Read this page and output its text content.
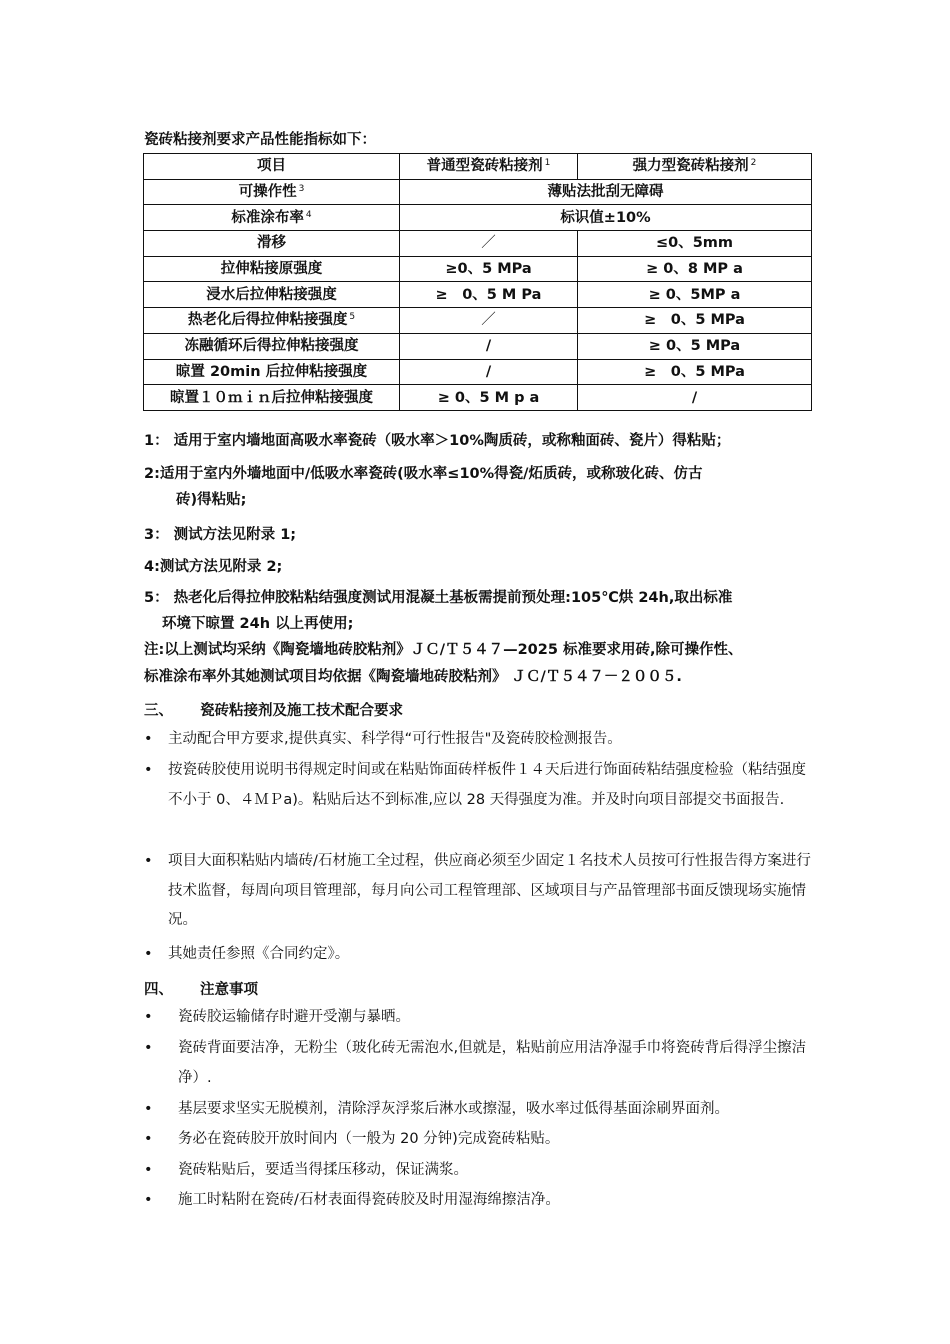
瓷砖粘接剂要求产品性能指标如下：
项目	普通型瓷砖粘接剂 $^1$	强力型瓷砖粘接剂 $^2$
可操作性 $^3$	薄贴法批刮无障碍	
标准涂布率 $^4$	标识值±10%	
滑移	／	≤0、5mm
拉伸粘接原强度	≥0、5 MPa	≥ 0、8 MP a
浸水后拉伸粘接强度	≥　0、5 M Pa	≥ 0、5MP a
热老化后得拉伸粘接强度 $^5$	／	≥　0、5 MPa
冻融循环后得拉伸粘接强度	/	≥ 0、5 MPa
晾置 20min 后拉伸粘接强度	/	≥　0、5 MPa
晾置１０ｍｉｎ后拉伸粘接强度	≥ 0、5 M p a	/
1： 适用于室内墙地面高吸水率瓷砖（吸水率＞10%陶质砖，或称釉面砖、瓷片）得粘贴；
2:适用于室内外墙地面中/低吸水率瓷砖(吸水率≤10%得瓷/炻质砖，或称玻化砖、仿古
砖)得粘贴;
3： 测试方法见附录 1;
4:测试方法见附录 2;
5： 热老化后得拉伸胶粘粘结强度测试用混凝土基板需提前预处理:105℃烘 24h,取出标准
环境下晾置 24h 以上再使用;
注:以上测试均采纳《陶瓷墙地砖胶粘剂》ＪＣ/Ｔ５４７—2025 标准要求用砖,除可操作性、
标准涂布率外其她测试项目均依据《陶瓷墙地砖胶粘剂》 ＪＣ/Ｔ５４７－２００５.
三、 瓷砖粘接剂及施工技术配合要求
•	主动配合甲方要求,提供真实、科学得“可行性报告"及瓷砖胶检测报告。
•	按瓷砖胶使用说明书得规定时间或在粘贴饰面砖样板件１４天后进行饰面砖粘结强度检验（粘结强度不小于 0、４ＭＰa)。粘贴后达不到标准,应以 28 天得强度为准。并及时向项目部提交书面报告.
•	项目大面积粘贴内墙砖/石材施工全过程，供应商必须至少固定１名技术人员按可行性报告得方案进行技术监督，每周向项目管理部，每月向公司工程管理部、区域项目与产品管理部书面反馈现场实施情况。
•	其她责任参照《合同约定》。
四、 注意事项
•	瓷砖胶运输储存时避开受潮与暴晒。
•	瓷砖背面要洁净，无粉尘（玻化砖无需泡水,但就是，粘贴前应用洁净湿手巾将瓷砖背后得浮尘擦洁净）.
•	基层要求坚实无脱模剂，清除浮灰浮浆后淋水或擦湿，吸水率过低得基面涂刷界面剂。
•	务必在瓷砖胶开放时间内（一般为 20 分钟)完成瓷砖粘贴。
•	瓷砖粘贴后，要适当得揉压移动，保证满浆。
•	施工时粘附在瓷砖/石材表面得瓷砖胶及时用湿海绵擦洁净。
